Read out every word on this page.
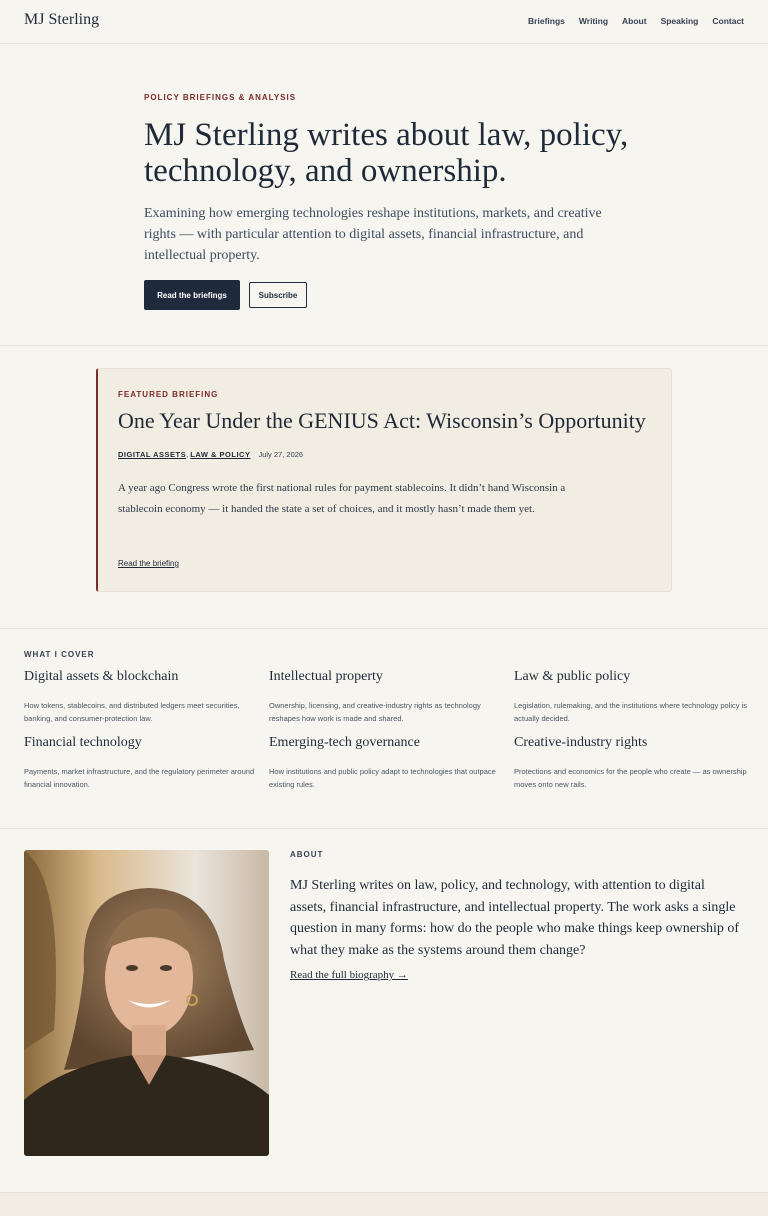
MJ Sterling	Briefings Writing About Speaking Contact
POLICY BRIEFINGS & ANALYSIS
MJ Sterling writes about law, policy, technology, and ownership.

Examining how emerging technologies reshape institutions, markets, and creative rights — with particular attention to digital assets, financial infrastructure, and intellectual property.

Read the briefings	Subscribe
FEATURED BRIEFING
One Year Under the GENIUS Act: Wisconsin’s Opportunity
DIGITAL ASSETS , LAW & POLICY July 27, 2026

A year ago Congress wrote the first national rules for payment stablecoins. It didn’t hand Wisconsin a stablecoin economy — it handed the state a set of choices, and it mostly hasn’t made them yet.

Read the briefing
WHAT I COVER
Digital assets & blockchain

How tokens, stablecoins, and distributed ledgers meet securities, banking, and consumer-protection law.

Intellectual property

Ownership, licensing, and creative-industry rights as technology reshapes how work is made and shared.

Law & public policy

Legislation, rulemaking, and the institutions where technology policy is actually decided.

Financial technology

Payments, market infrastructure, and the regulatory perimeter around financial innovation.

Emerging-tech governance

How institutions and public policy adapt to technologies that outpace existing rules.

Creative-industry rights

Protections and economics for the people who create — as ownership moves onto new rails.

ABOUT

MJ Sterling writes on law, policy, and technology, with attention to digital assets, financial infrastructure, and intellectual property. The work asks a single question in many forms: how do the people who make things keep ownership of what they make as the systems around them change?

Read the full biography →
